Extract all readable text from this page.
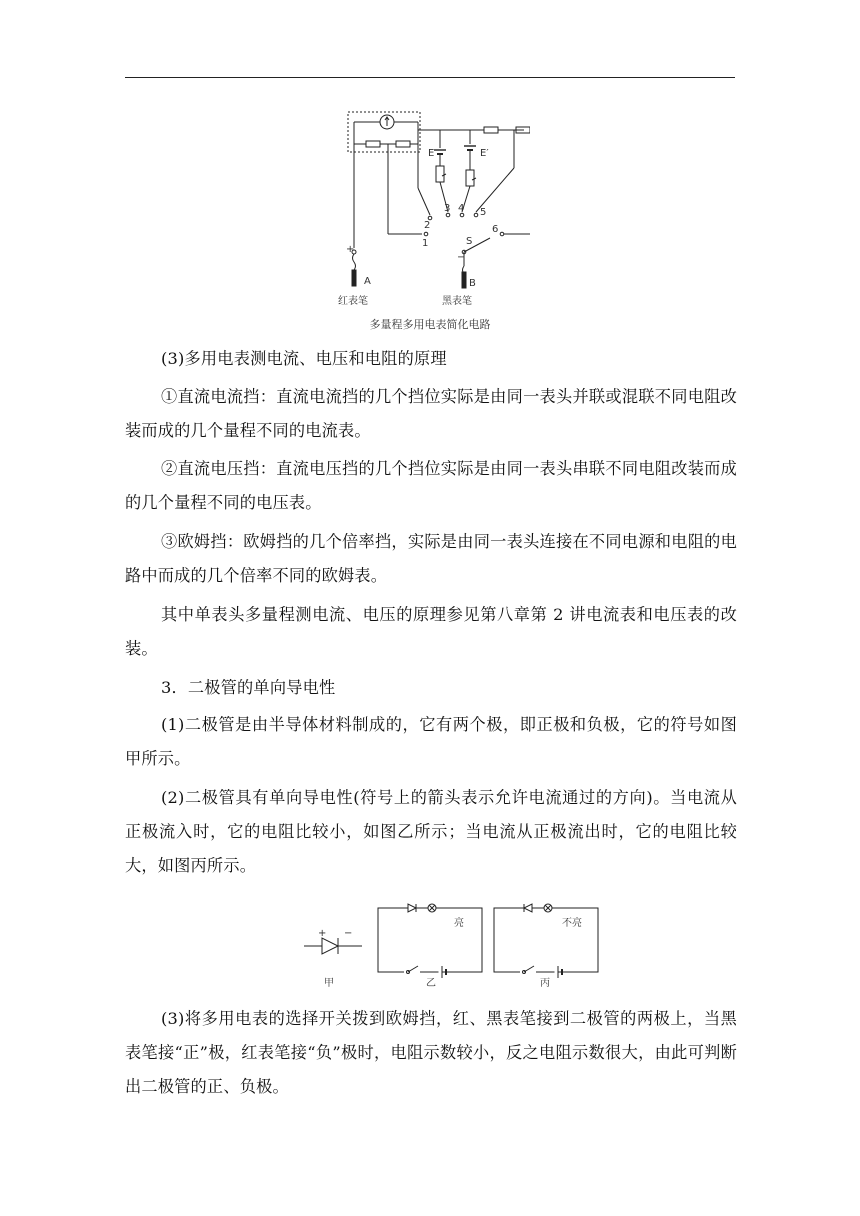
E	E′
2
3 4 5
1
6
S
−
+
A	B
红表笔	黑表笔
多量程多用电表简化电路
(3)多用电表测电流、电压和电阻的原理
①直流电流挡：直流电流挡的几个挡位实际是由同一表头并联或混联不同电阻改装而成的几个量程不同的电流表。
②直流电压挡：直流电压挡的几个挡位实际是由同一表头串联不同电阻改装而成的几个量程不同的电压表。
③欧姆挡：欧姆挡的几个倍率挡，实际是由同一表头连接在不同电源和电阻的电路中而成的几个倍率不同的欧姆表。
其中单表头多量程测电流、电压的原理参见第八章第 2 讲电流表和电压表的改装。
3．二极管的单向导电性
(1)二极管是由半导体材料制成的，它有两个极，即正极和负极，它的符号如图甲所示。
(2)二极管具有单向导电性(符号上的箭头表示允许电流通过的方向)。当电流从正极流入时，它的电阻比较小，如图乙所示；当电流从正极流出时，它的电阻比较大，如图丙所示。
+ −
甲
亮
乙
不亮
丙
(3)将多用电表的选择开关拨到欧姆挡，红、黑表笔接到二极管的两极上，当黑表笔接“正”极，红表笔接“负”极时，电阻示数较小，反之电阻示数很大，由此可判断出二极管的正、负极。
